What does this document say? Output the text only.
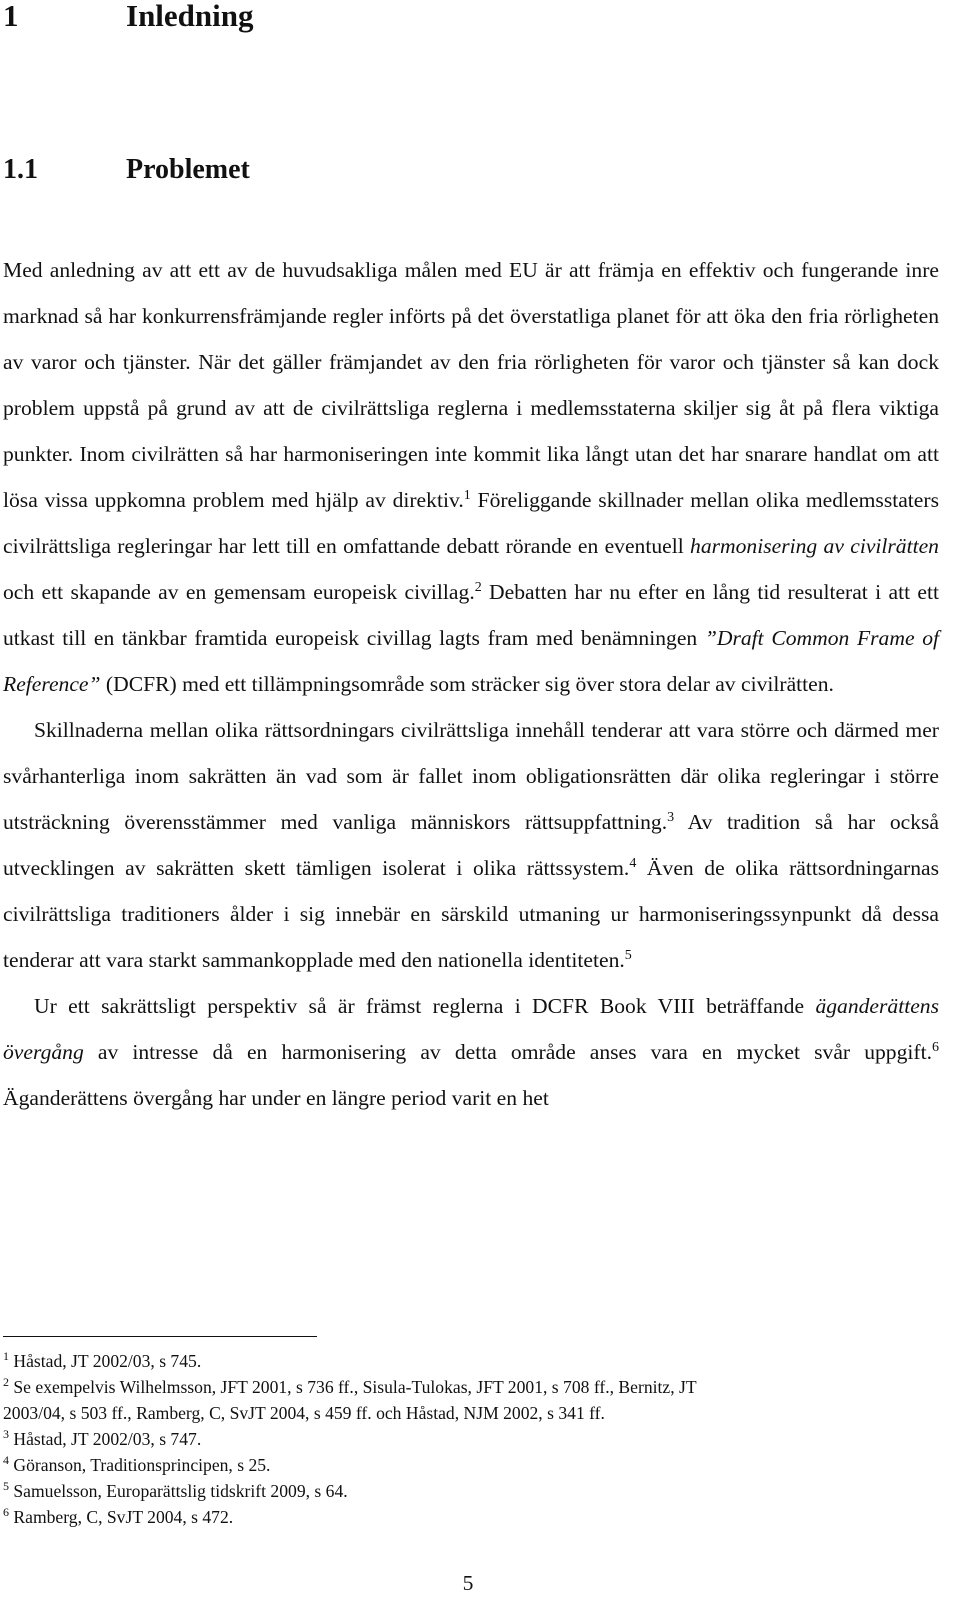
1	Inledning
1.1	Problemet

Med anledning av att ett av de huvudsakliga målen med EU är att främja en effektiv och fungerande inre marknad så har konkurrensfrämjande regler införts på det överstatliga planet för att öka den fria rörligheten av varor och tjänster. När det gäller främjandet av den fria rörligheten för varor och tjänster så kan dock problem uppstå på grund av att de civilrättsliga reglerna i medlemsstaterna skiljer sig åt på flera viktiga punkter. Inom civilrätten så har harmoniseringen inte kommit lika långt utan det har snarare handlat om att lösa vissa uppkomna problem med hjälp av direktiv.$^1$ Föreliggande skillnader mellan olika medlemsstaters civilrättsliga regleringar har lett till en omfattande debatt rörande en eventuell harmonisering av civilrätten och ett skapande av en gemensam europeisk civillag.$^2$ Debatten har nu efter en lång tid resulterat i att ett utkast till en tänkbar framtida europeisk civillag lagts fram med benämningen ”Draft Common Frame of Reference” (DCFR) med ett tillämpningsområde som sträcker sig över stora delar av civilrätten.

Skillnaderna mellan olika rättsordningars civilrättsliga innehåll tenderar att vara större och därmed mer svårhanterliga inom sakrätten än vad som är fallet inom obligationsrätten där olika regleringar i större utsträckning överensstämmer med vanliga människors rättsuppfattning.$^3$ Av tradition så har också utvecklingen av sakrätten skett tämligen isolerat i olika rättssystem.$^4$ Även de olika rättsordningarnas civilrättsliga traditioners ålder i sig innebär en särskild utmaning ur harmoniseringssynpunkt då dessa tenderar att vara starkt sammankopplade med den nationella identiteten.$^5$

Ur ett sakrättsligt perspektiv så är främst reglerna i DCFR Book VIII beträffande äganderättens övergång av intresse då en harmonisering av detta område anses vara en mycket svår uppgift.$^6$ Äganderättens övergång har under en längre period varit en het

$^1$ Håstad, JT 2002/03, s 745.

$^2$ Se exempelvis Wilhelmsson, JFT 2001, s 736 ff., Sisula-Tulokas, JFT 2001, s 708 ff., Bernitz, JT
2003/04, s 503 ff., Ramberg, C, SvJT 2004, s 459 ff. och Håstad, NJM 2002, s 341 ff.

$^3$ Håstad, JT 2002/03, s 747.

$^4$ Göranson, Traditionsprincipen, s 25.

$^5$ Samuelsson, Europarättslig tidskrift 2009, s 64.

$^6$ Ramberg, C, SvJT 2004, s 472.

5
